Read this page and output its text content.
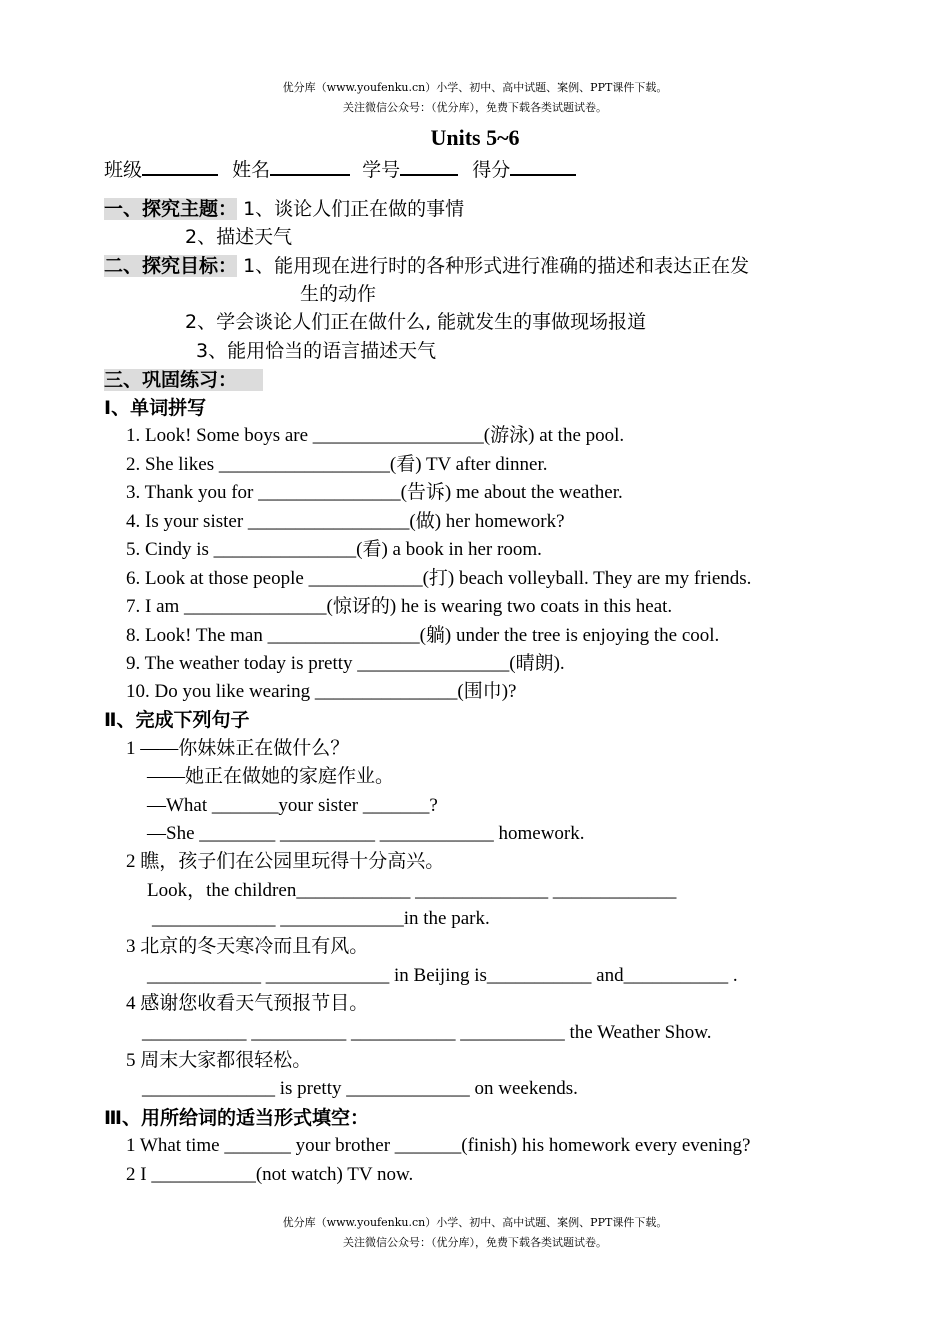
优分库（www.youfenku.cn）小学、初中、高中试题、案例、PPT课件下载。
关注微信公众号：（优分库），免费下载各类试题试卷。
Units 5~6
班级	姓名	学号	得分
一、探究主题： 1、谈论人们正在做的事情
2、描述天气
二、探究目标： 1、能用现在进行时的各种形式进行准确的描述和表达正在发
生的动作
2、学会谈论人们正在做什么, 能就发生的事做现场报道
3、能用恰当的语言描述天气
三、巩固练习：
I、单词拼写
1. Look! Some boys are __________________(游泳) at the pool.
2. She likes __________________(看) TV after dinner.
3. Thank you for _______________(告诉) me about the weather.
4. Is your sister _________________(做) her homework?
5. Cindy is _______________(看) a book in her room.
6. Look at those people ____________(打) beach volleyball. They are my friends.
7. I am _______________(惊讶的) he is wearing two coats in this heat.
8. Look! The man ________________(躺) under the tree is enjoying the cool.
9. The weather today is pretty ________________(晴朗).
10. Do you like wearing _______________(围巾)?
Ⅱ、完成下列句子
1 ——你妹妹正在做什么？
——她正在做她的家庭作业。
—What _______your sister _______?
—She ________ __________ ____________ homework.
2 瞧，孩子们在公园里玩得十分高兴。
Look，the children____________ ______________ _____________
_____________ _____________in the park.
3 北京的冬天寒冷而且有风。
____________ _____________ in Beijing is___________ and___________ .
4 感谢您收看天气预报节目。
___________ __________ ___________ ___________ the Weather Show.
5 周末大家都很轻松。
______________ is pretty _____________ on weekends.
Ⅲ、用所给词的适当形式填空：
1 What time _______ your brother _______(finish) his homework every evening?
2 I ___________(not watch) TV now.
优分库（www.youfenku.cn）小学、初中、高中试题、案例、PPT课件下载。
关注微信公众号：（优分库），免费下载各类试题试卷。
